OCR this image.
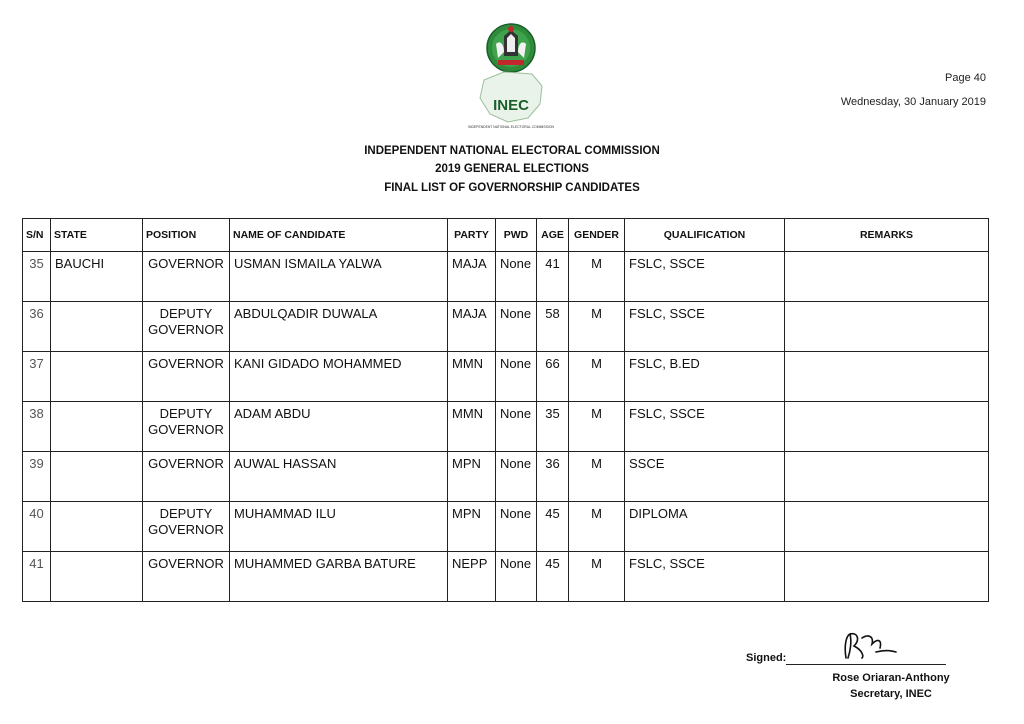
INEC
INDEPENDENT NATIONAL ELECTORAL COMMISSION
Page 40
Wednesday, 30 January 2019
INDEPENDENT NATIONAL ELECTORAL COMMISSION
2019 GENERAL ELECTIONS
FINAL LIST OF GOVERNORSHIP CANDIDATES
S/N	STATE	POSITION	NAME OF CANDIDATE	PARTY	PWD	AGE	GENDER	QUALIFICATION	REMARKS
35	BAUCHI	GOVERNOR	USMAN ISMAILA YALWA	MAJA	None	41	M	FSLC, SSCE	
36		DEPUTY GOVERNOR	ABDULQADIR DUWALA	MAJA	None	58	M	FSLC, SSCE	
37		GOVERNOR	KANI GIDADO MOHAMMED	MMN	None	66	M	FSLC, B.ED	
38		DEPUTY GOVERNOR	ADAM ABDU	MMN	None	35	M	FSLC, SSCE	
39		GOVERNOR	AUWAL HASSAN	MPN	None	36	M	SSCE	
40		DEPUTY GOVERNOR	MUHAMMAD ILU	MPN	None	45	M	DIPLOMA	
41		GOVERNOR	MUHAMMED GARBA BATURE	NEPP	None	45	M	FSLC, SSCE	
Signed:
Rose Oriaran-Anthony
Secretary, INEC
